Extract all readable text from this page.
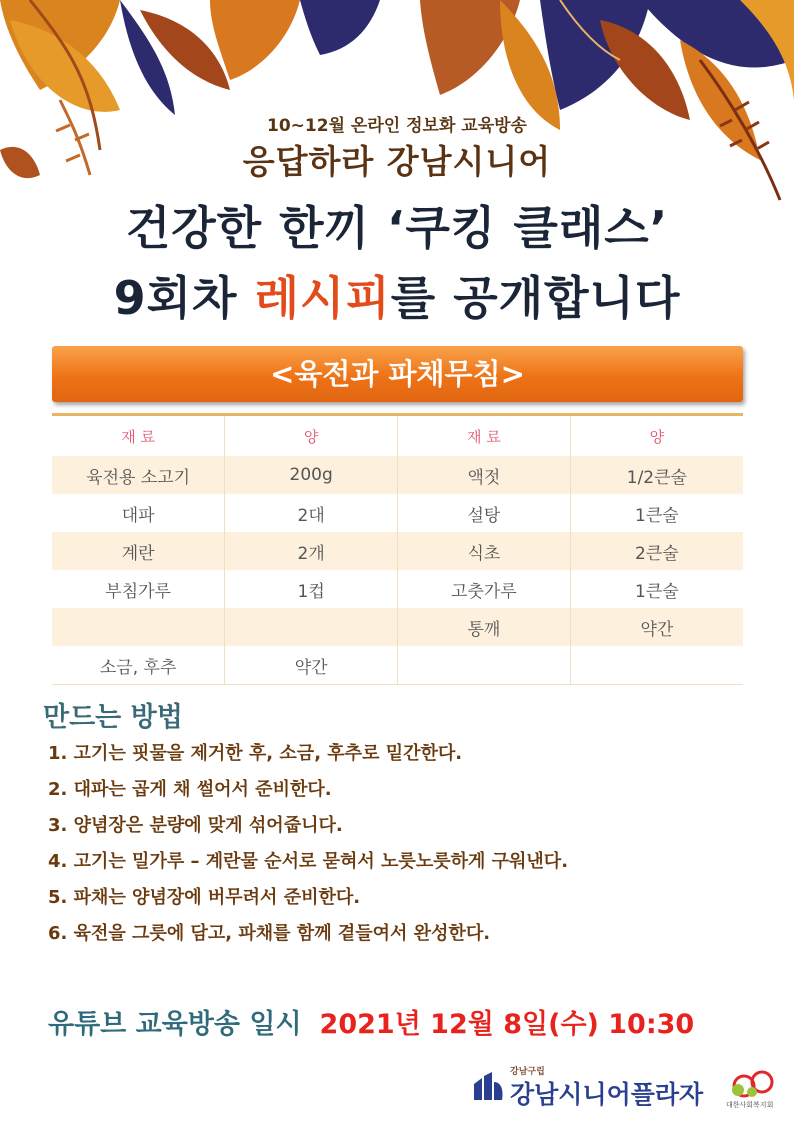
10~12월 온라인 정보화 교육방송
응답하라 강남시니어
건강한 한끼 ‘쿠킹 클래스’
9회차 레시피를 공개합니다
<육전과 파채무침>
재 료	양	재 료	양
육전용 소고기	200g	액젓	1/2큰술
대파	2대	설탕	1큰술
계란	2개	식초	2큰술
부침가루	1컵	고춧가루	1큰술
		통깨	약간
소금, 후추	약간		
만드는 방법
1. 고기는 핏물을 제거한 후, 소금, 후추로 밑간한다.
2. 대파는 곱게 채 썰어서 준비한다.
3. 양념장은 분량에 맞게 섞어줍니다.
4. 고기는 밀가루 – 계란물 순서로 묻혀서 노릇노릇하게 구워낸다.
5. 파채는 양념장에 버무려서 준비한다.
6. 육전을 그릇에 담고, 파채를 함께 곁들여서 완성한다.
유튜브 교육방송 일시 2021년 12월 8일(수) 10:30
강남구립
강남시니어플라자	대한사회복지회
